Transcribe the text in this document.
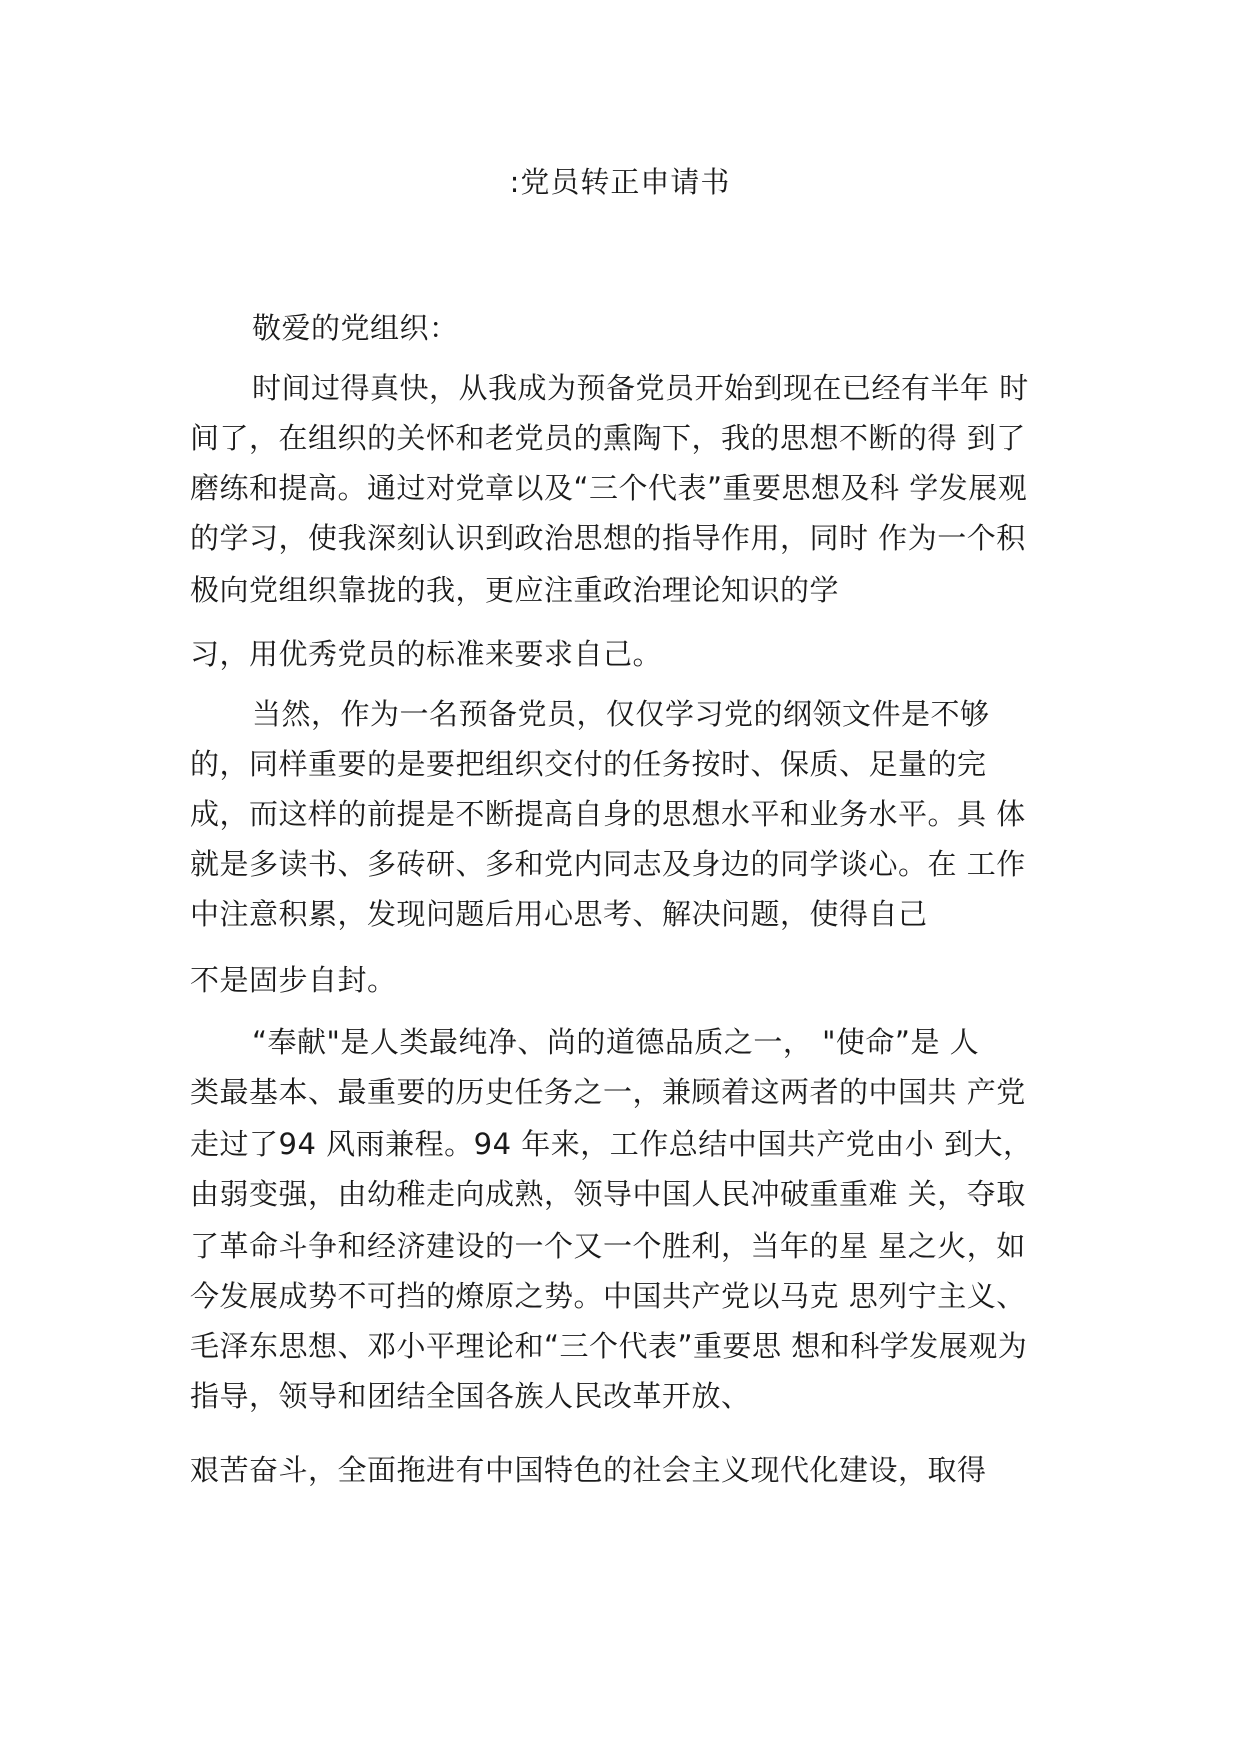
:党员转正申请书
敬爱的党组织：
时间过得真快，从我成为预备党员开始到现在已经有半年 时
间了，在组织的关怀和老党员的熏陶下，我的思想不断的得 到了
磨练和提高。通过对党章以及“三个代表”重要思想及科 学发展观
的学习，使我深刻认识到政治思想的指导作用，同时 作为一个积
极向党组织靠拢的我，更应注重政治理论知识的学
习，用优秀党员的标准来要求自己。
当然，作为一名预备党员，仅仅学习党的纲领文件是不够
的，同样重要的是要把组织交付的任务按时、保质、足量的完
成，而这样的前提是不断提高自身的思想水平和业务水平。具 体
就是多读书、多砖研、多和党内同志及身边的同学谈心。在 工作
中注意积累，发现问题后用心思考、解决问题，使得自己
不是固步自封。
“奉献"是人类最纯净、尚的道德品质之一， "使命”是 人
类最基本、最重要的历史任务之一，兼顾着这两者的中国共 产党
走过了94 风雨兼程。94 年来，工作总结中国共产党由小 到大，
由弱变强，由幼稚走向成熟，领导中国人民冲破重重难 关，夺取
了革命斗争和经济建设的一个又一个胜利，当年的星 星之火，如
今发展成势不可挡的燎原之势。中国共产党以马克 思列宁主义、
毛泽东思想、邓小平理论和“三个代表”重要思 想和科学发展观为
指导，领导和团结全国各族人民改革开放、
艰苦奋斗，全面拖进有中国特色的社会主义现代化建设，取得
